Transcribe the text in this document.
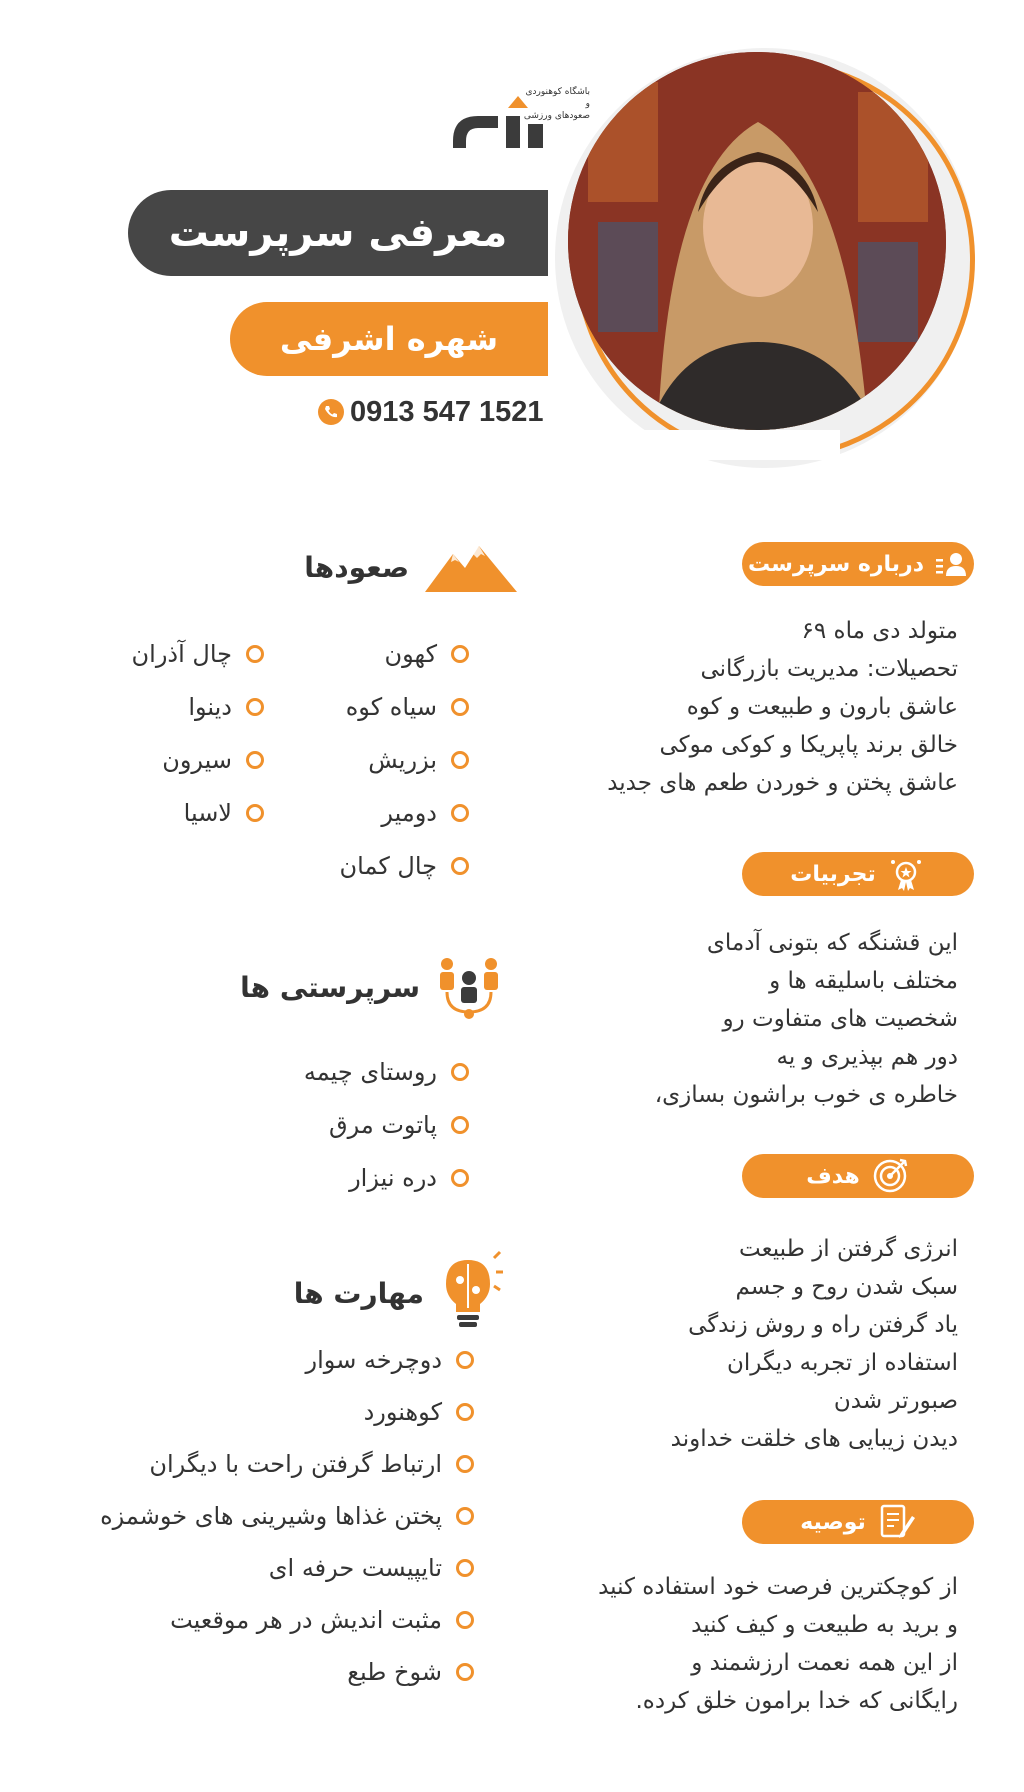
باشگاه کوهنوردی و
صعودهای ورزشی
معرفی سرپرست
شهره اشرفی
0913 547 1521
درباره سرپرست
متولد دی ماه ۶۹
تحصیلات: مدیریت بازرگانی
عاشق بارون و طبیعت و کوه
خالق برند پاپریکا و کوکی موکی
عاشق پختن و خوردن طعم های جدید
تجربیات
این قشنگه که بتونی آدمای
مختلف باسلیقه ها و
شخصیت های متفاوت رو
دور هم بپذیری و یه
خاطره ی خوب براشون بسازی،
هدف
انرژی گرفتن از طبیعت
سبک شدن روح و جسم
یاد گرفتن راه و روش زندگی
استفاده از تجربه دیگران
صبورتر شدن
دیدن زیبایی های خلقت خداوند
توصیه
از کوچکترین فرصت خود استفاده کنید
و برید به طبیعت و کیف کنید
از این همه نعمت ارزشمند و
رایگانی که خدا برامون خلق کرده.
صعودها
کهون
سیاه کوه
بزریش
دومیر
چال کمان
چال آذران
دینوا
سیرون
لاسیا
سرپرستی ها
روستای چیمه
پاتوت مرق
دره نیزار
مهارت ها
دوچرخه سوار
کوهنورد
ارتباط گرفتن راحت با دیگران
پختن غذاها وشیرینی های خوشمزه
تایپیست حرفه ای
مثبت اندیش در هر موقعیت
شوخ طبع
